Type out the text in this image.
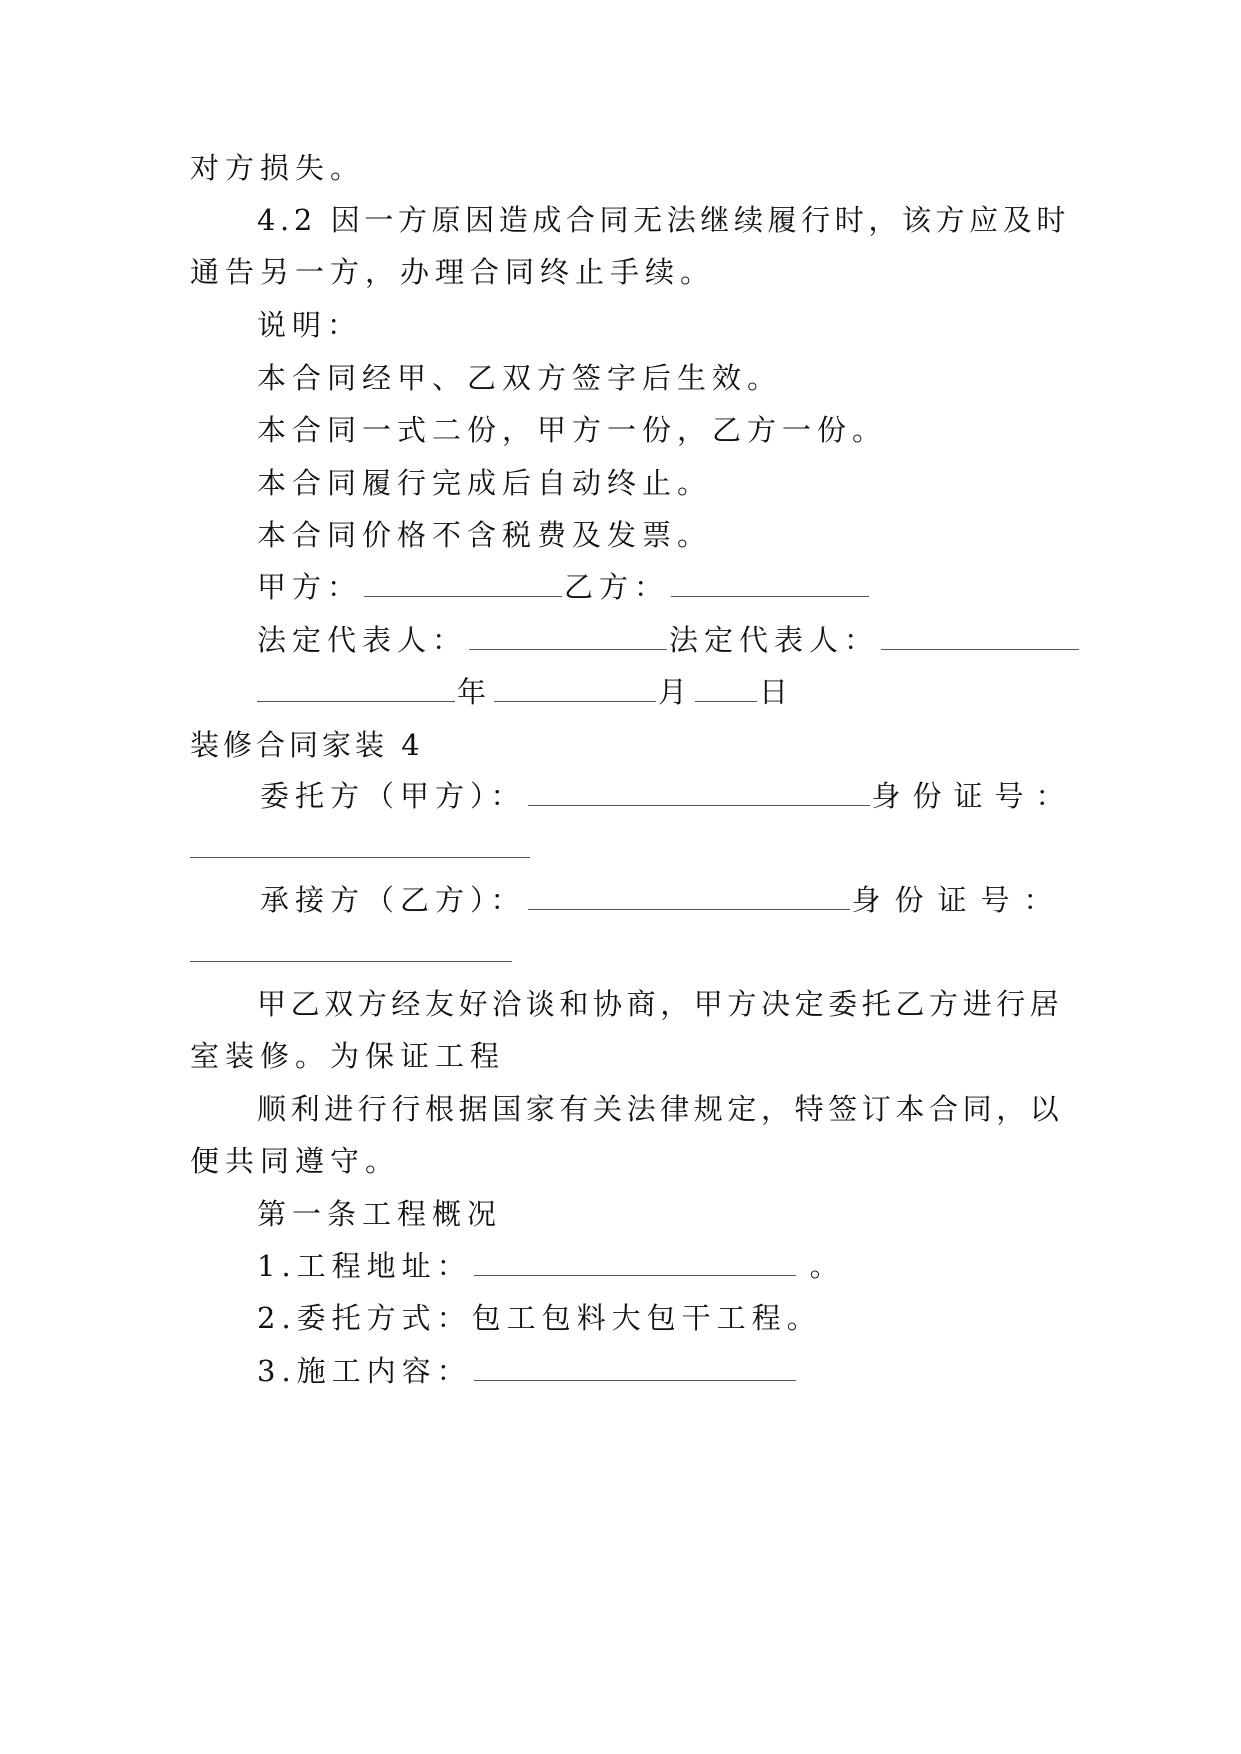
对方损失。
4.2 因一方原因造成合同无法继续履行时，该方应及时
通告另一方，办理合同终止手续。
说明：
本合同经甲、乙双方签字后生效。
本合同一式二份，甲方一份，乙方一份。
本合同履行完成后自动终止。
本合同价格不含税费及发票。
甲方：	乙方：
法定代表人：	法定代表人：
年	月 日
装修合同家装 4
委托方（甲方）：	身份证号：
承接方（乙方）：	身份证号：
甲乙双方经友好洽谈和协商，甲方决定委托乙方进行居
室装修。为保证工程
顺利进行行根据国家有关法律规定，特签订本合同，以
便共同遵守。
第一条工程概况
1.工程地址：	。
2.委托方式：包工包料大包干工程。
3.施工内容：
